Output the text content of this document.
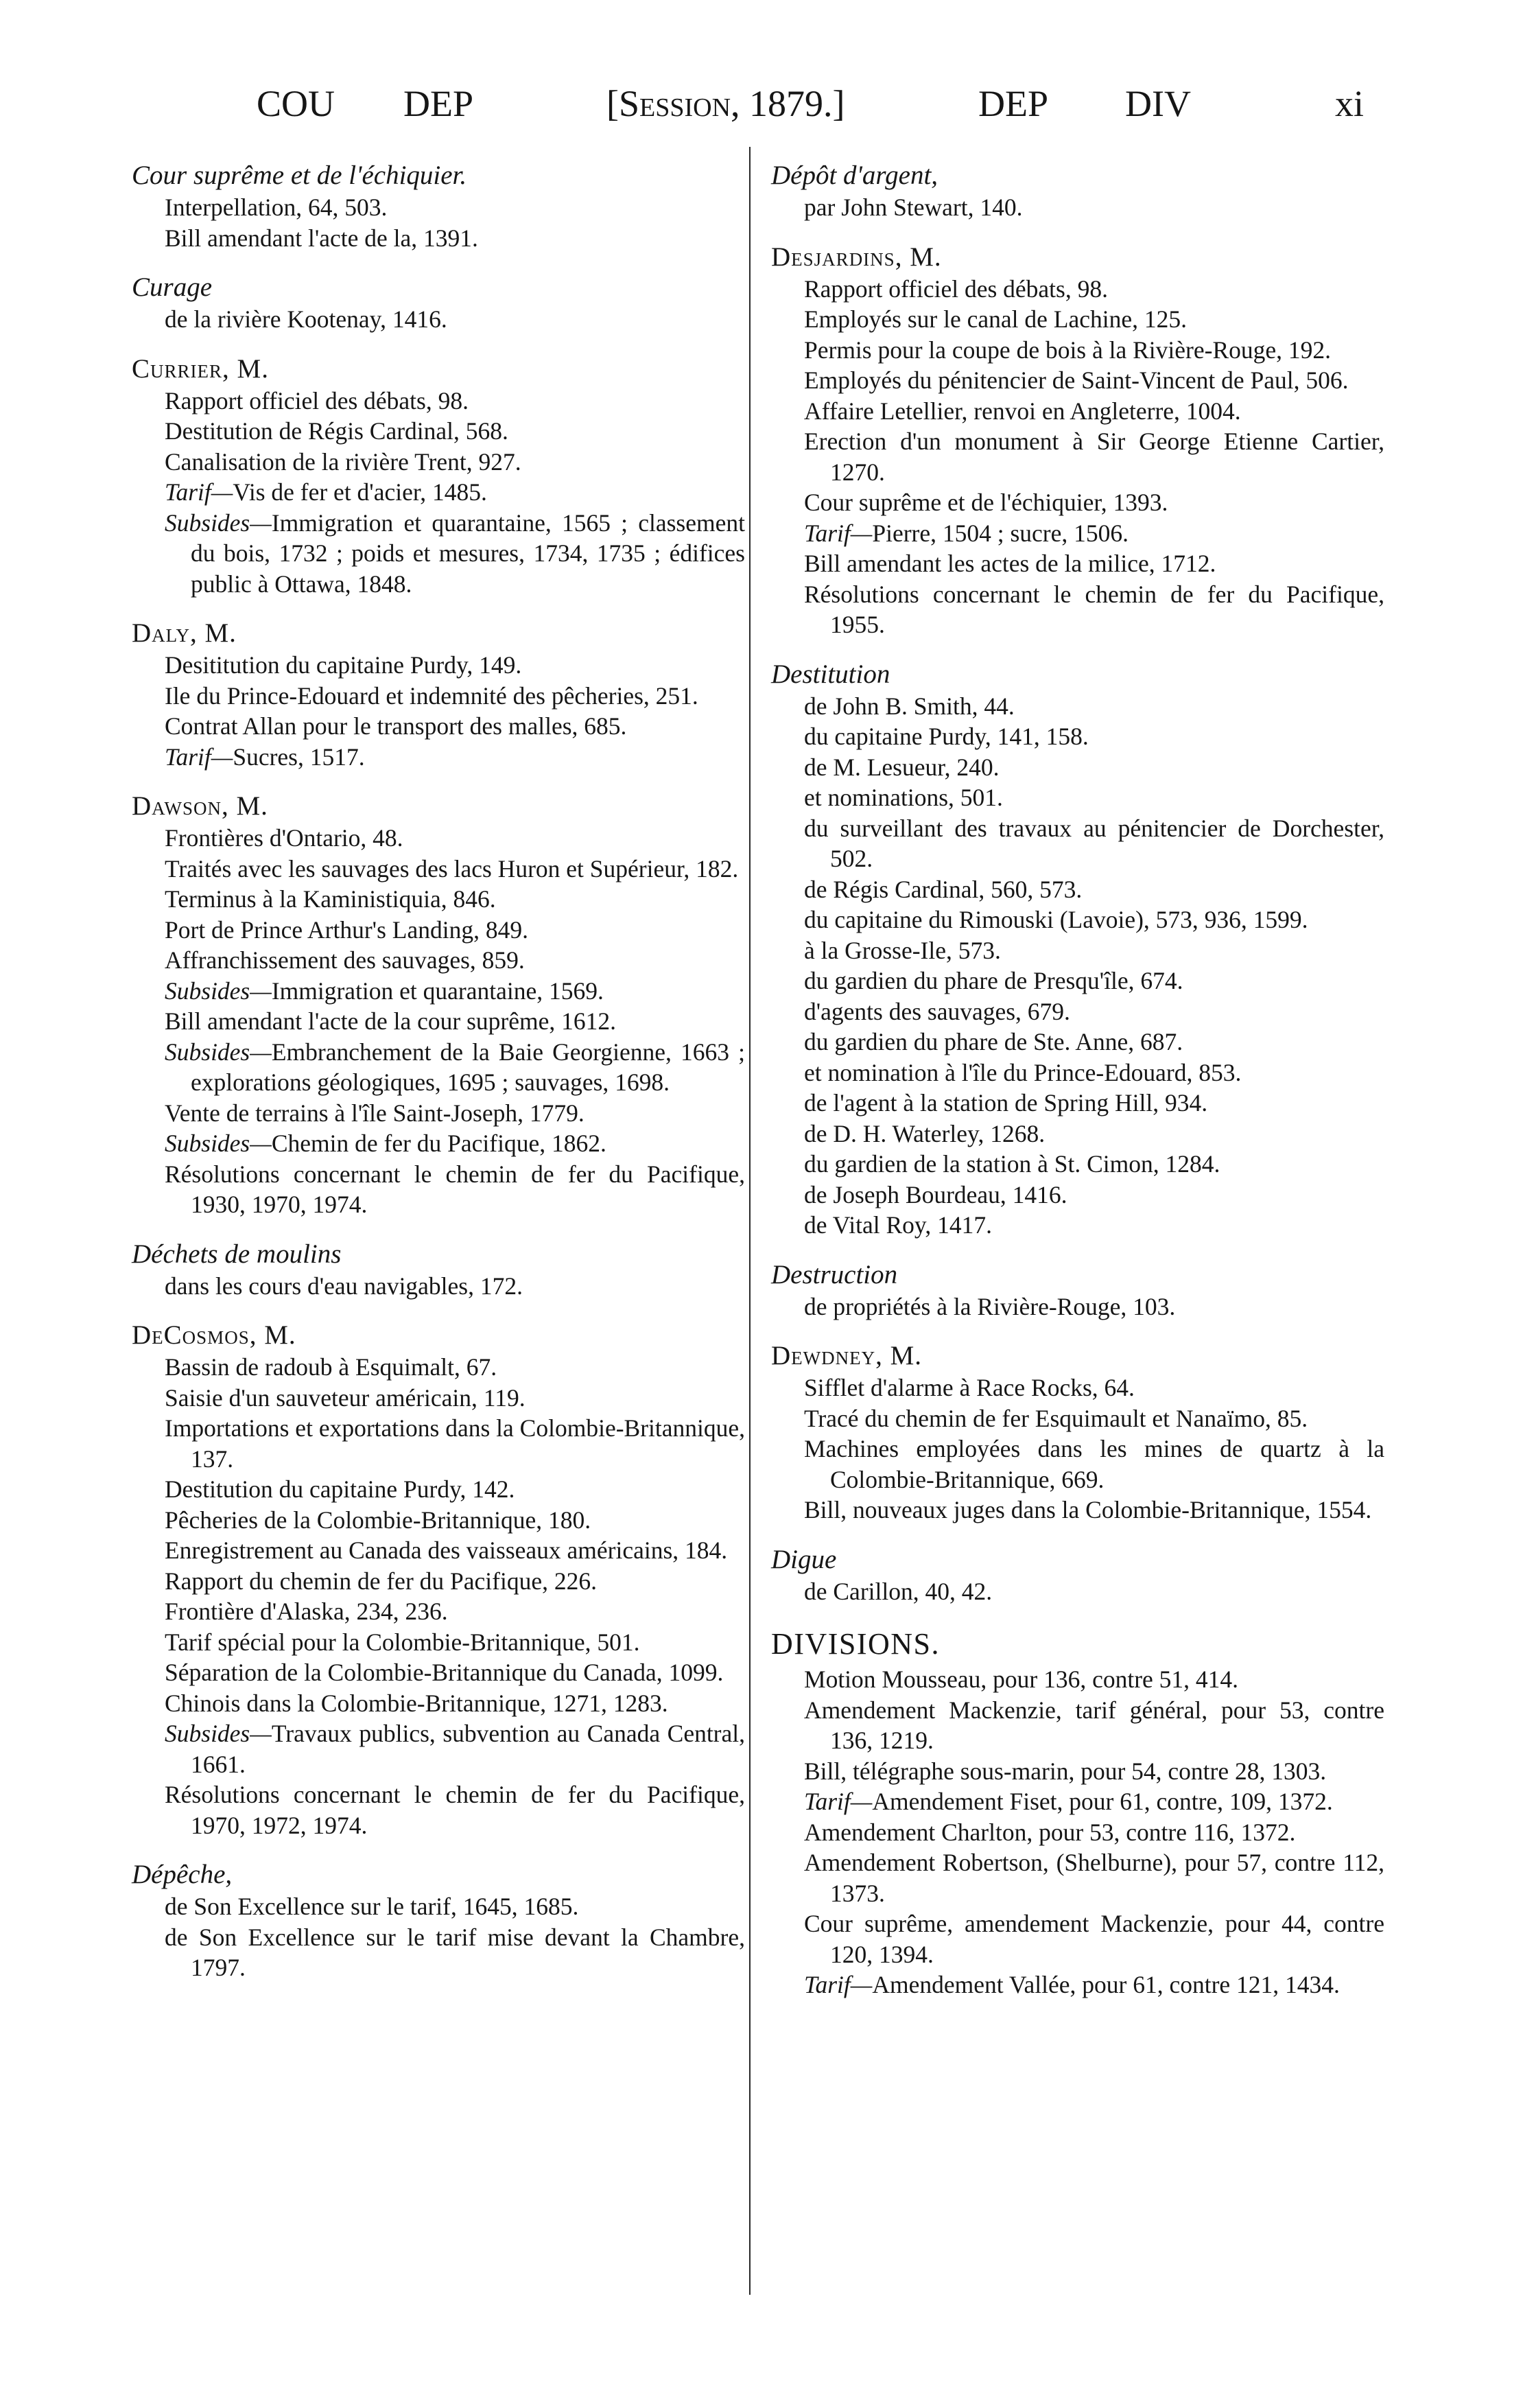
COU DEP	[Session, 1879.]	DEP DIV	xi
Cour suprême et de l'échiquier.

Interpellation, 64, 503.

Bill amendant l'acte de la, 1391.

Curage

de la rivière Kootenay, 1416.

Currier, M.

Rapport officiel des débats, 98.

Destitution de Régis Cardinal, 568.

Canalisation de la rivière Trent, 927.

Tarif—Vis de fer et d'acier, 1485.

Subsides—Immigration et quarantaine, 1565 ; classement du bois, 1732 ; poids et mesures, 1734, 1735 ; édifices public à Ottawa, 1848.

Daly, M.

Desititution du capitaine Purdy, 149.

Ile du Prince-Edouard et indemnité des pêcheries, 251.

Contrat Allan pour le transport des malles, 685.

Tarif—Sucres, 1517.

Dawson, M.

Frontières d'Ontario, 48.

Traités avec les sauvages des lacs Huron et Supérieur, 182.

Terminus à la Kaministiquia, 846.

Port de Prince Arthur's Landing, 849.

Affranchissement des sauvages, 859.

Subsides—Immigration et quarantaine, 1569.

Bill amendant l'acte de la cour suprême, 1612.

Subsides—Embranchement de la Baie Georgienne, 1663 ; explorations géologiques, 1695 ; sauvages, 1698.

Vente de terrains à l'île Saint-Joseph, 1779.

Subsides—Chemin de fer du Pacifique, 1862.

Résolutions concernant le chemin de fer du Pacifique, 1930, 1970, 1974.

Déchets de moulins

dans les cours d'eau navigables, 172.

DeCosmos, M.

Bassin de radoub à Esquimalt, 67.

Saisie d'un sauveteur américain, 119.

Importations et exportations dans la Colombie-Britannique, 137.

Destitution du capitaine Purdy, 142.

Pêcheries de la Colombie-Britannique, 180.

Enregistrement au Canada des vaisseaux américains, 184.

Rapport du chemin de fer du Pacifique, 226.

Frontière d'Alaska, 234, 236.

Tarif spécial pour la Colombie-Britannique, 501.

Séparation de la Colombie-Britannique du Canada, 1099.

Chinois dans la Colombie-Britannique, 1271, 1283.

Subsides—Travaux publics, subvention au Canada Central, 1661.

Résolutions concernant le chemin de fer du Pacifique, 1970, 1972, 1974.

Dépêche,

de Son Excellence sur le tarif, 1645, 1685.

de Son Excellence sur le tarif mise devant la Chambre, 1797.

Dépôt d'argent,

par John Stewart, 140.

Desjardins, M.

Rapport officiel des débats, 98.

Employés sur le canal de Lachine, 125.

Permis pour la coupe de bois à la Rivière-Rouge, 192.

Employés du pénitencier de Saint-Vincent de Paul, 506.

Affaire Letellier, renvoi en Angleterre, 1004.

Erection d'un monument à Sir George Etienne Cartier, 1270.

Cour suprême et de l'échiquier, 1393.

Tarif—Pierre, 1504 ; sucre, 1506.

Bill amendant les actes de la milice, 1712.

Résolutions concernant le chemin de fer du Pacifique, 1955.

Destitution

de John B. Smith, 44.

du capitaine Purdy, 141, 158.

de M. Lesueur, 240.

et nominations, 501.

du surveillant des travaux au pénitencier de Dorchester, 502.

de Régis Cardinal, 560, 573.

du capitaine du Rimouski (Lavoie), 573, 936, 1599.

à la Grosse-Ile, 573.

du gardien du phare de Presqu'île, 674.

d'agents des sauvages, 679.

du gardien du phare de Ste. Anne, 687.

et nomination à l'île du Prince-Edouard, 853.

de l'agent à la station de Spring Hill, 934.

de D. H. Waterley, 1268.

du gardien de la station à St. Cimon, 1284.

de Joseph Bourdeau, 1416.

de Vital Roy, 1417.

Destruction

de propriétés à la Rivière-Rouge, 103.

Dewdney, M.

Sifflet d'alarme à Race Rocks, 64.

Tracé du chemin de fer Esquimault et Nanaïmo, 85.

Machines employées dans les mines de quartz à la Colombie-Britannique, 669.

Bill, nouveaux juges dans la Colombie-Britannique, 1554.

Digue

de Carillon, 40, 42.

DIVISIONS.

Motion Mousseau, pour 136, contre 51, 414.

Amendement Mackenzie, tarif général, pour 53, contre 136, 1219.

Bill, télégraphe sous-marin, pour 54, contre 28, 1303.

Tarif—Amendement Fiset, pour 61, contre, 109, 1372.

Amendement Charlton, pour 53, contre 116, 1372.

Amendement Robertson, (Shelburne), pour 57, contre 112, 1373.

Cour suprême, amendement Mackenzie, pour 44, contre 120, 1394.

Tarif—Amendement Vallée, pour 61, contre 121, 1434.
